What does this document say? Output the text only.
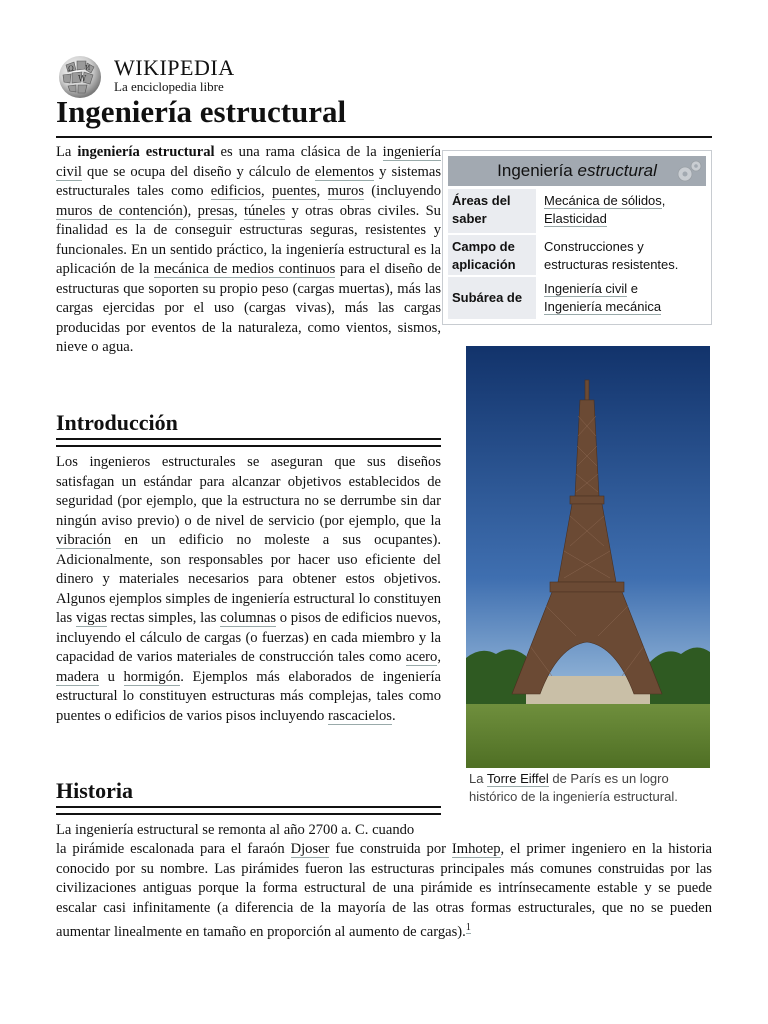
Ω
W
И WIKIPEDIA
La enciclopedia libre
Ingeniería estructural

La ingeniería estructural es una rama clásica de la ingeniería civil que se ocupa del diseño y cálculo de elementos y sistemas estructurales tales como edificios, puentes, muros (incluyendo muros de contención), presas, túneles y otras obras civiles. Su finalidad es la de conseguir estructuras seguras, resistentes y funcionales. En un sentido práctico, la ingeniería estructural es la aplicación de la mecánica de medios continuos para el diseño de estructuras que soporten su propio peso (cargas muertas), más las cargas ejercidas por el uso (cargas vivas), más las cargas producidas por eventos de la naturaleza, como vientos, sismos, nieve o agua.

Ingeniería estructural
Áreas del saber
Mecánica de sólidos,
Elasticidad
Campo de aplicación
Construcciones y estructuras resistentes.
Subárea de
Ingeniería civil e
Ingeniería mecánica
La Torre Eiffel de París es un logro histórico de la ingeniería estructural.
Introducción

Los ingenieros estructurales se aseguran que sus diseños satisfagan un estándar para alcanzar objetivos establecidos de seguridad (por ejemplo, que la estructura no se derrumbe sin dar ningún aviso previo) o de nivel de servicio (por ejemplo, que la vibración en un edificio no moleste a sus ocupantes). Adicionalmente, son responsables por hacer uso eficiente del dinero y materiales necesarios para obtener estos objetivos. Algunos ejemplos simples de ingeniería estructural lo constituyen las vigas rectas simples, las columnas o pisos de edificios nuevos, incluyendo el cálculo de cargas (o fuerzas) en cada miembro y la capacidad de varios materiales de construcción tales como acero, madera u hormigón. Ejemplos más elaborados de ingeniería estructural lo constituyen estructuras más complejas, tales como puentes o edificios de varios pisos incluyendo rascacielos.

Historia
La ingeniería estructural se remonta al año 2700 a. C. cuando

la pirámide escalonada para el faraón Djoser fue construida por Imhotep, el primer ingeniero en la historia conocido por su nombre. Las pirámides fueron las estructuras principales más comunes construidas por las civilizaciones antiguas porque la forma estructural de una pirámide es intrínsecamente estable y se puede escalar casi infinitamente (a diferencia de la mayoría de las otras formas estructurales, que no se pueden aumentar linealmente en tamaño en proporción al aumento de cargas).$^1$
